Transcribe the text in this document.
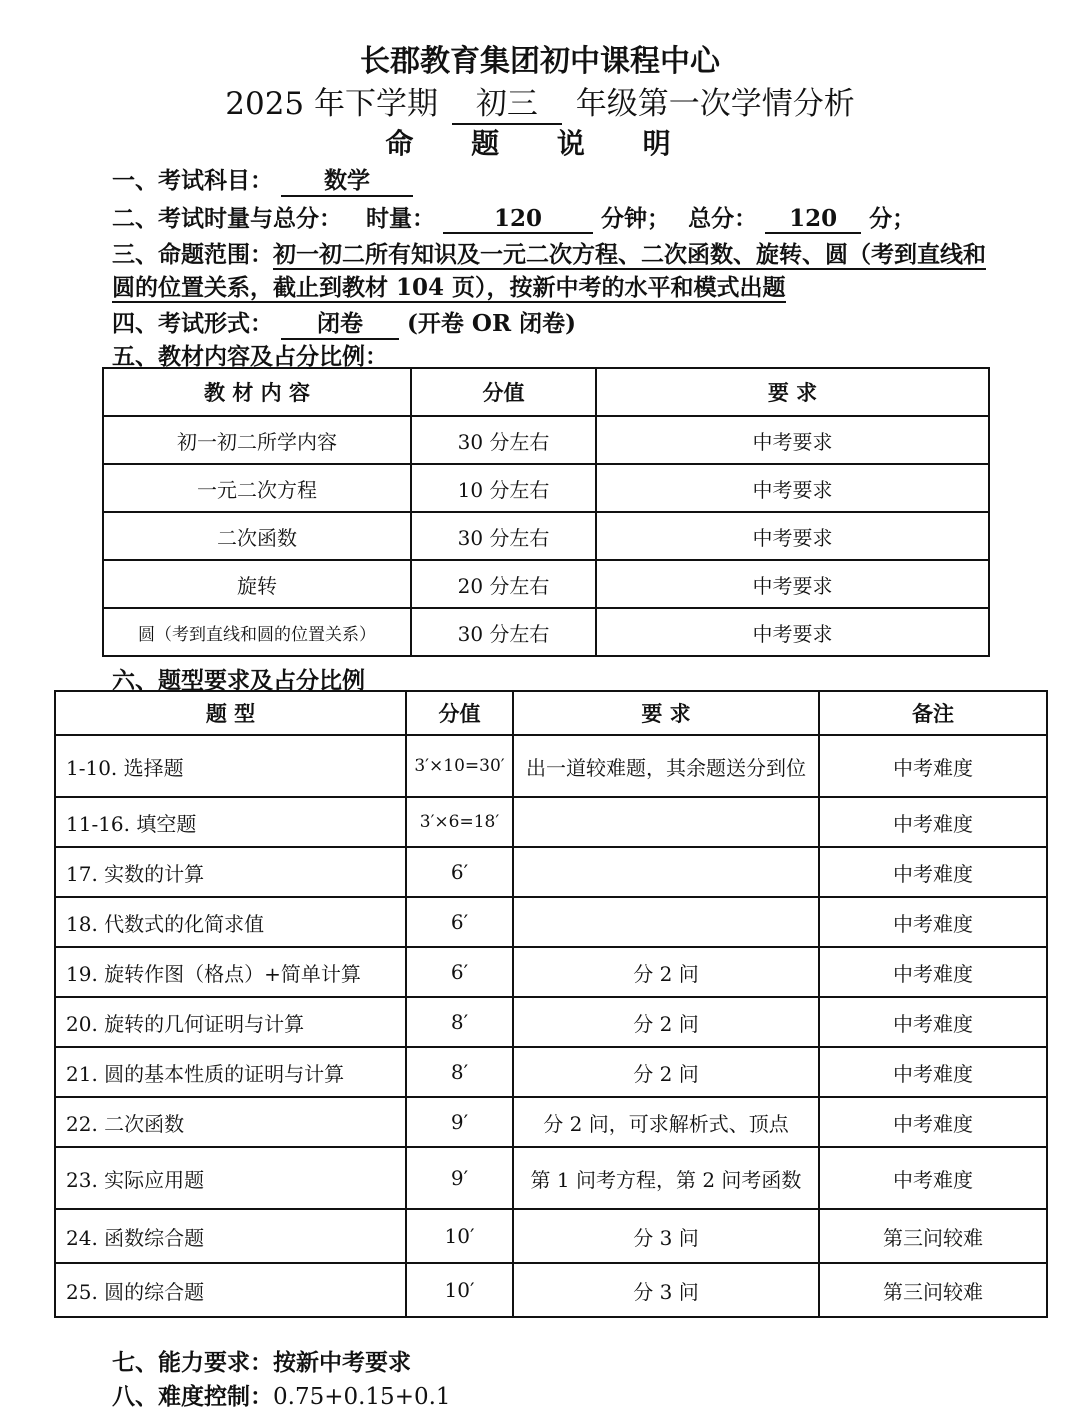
长郡教育集团初中课程中心
2025 年下学期 初三 年级第一次学情分析
命 题 说 明
一、考试科目： 数学
二、考试时量与总分： 时量：	120	分钟； 总分： 120 分；
三、命题范围：初一初二所有知识及一元二次方程、二次函数、旋转、圆（考到直线和圆的位置关系，截止到教材 104 页），按新中考的水平和模式出题
四、考试形式： 闭卷 (开卷 OR 闭卷)
五、教材内容及占分比例：
教 材 内 容	分值	要 求
初一初二所学内容	30 分左右	中考要求
一元二次方程	10 分左右	中考要求
二次函数	30 分左右	中考要求
旋转	20 分左右	中考要求
圆（考到直线和圆的位置关系）	30 分左右	中考要求
六、题型要求及占分比例
题 型	分值	要 求	备注
1-10. 选择题	3′×10=30′	出一道较难题，其余题送分到位	中考难度
11-16. 填空题	3′×6=18′		中考难度
17. 实数的计算	6′		中考难度
18. 代数式的化简求值	6′		中考难度
19. 旋转作图（格点）+简单计算	6′	分 2 问	中考难度
20. 旋转的几何证明与计算	8′	分 2 问	中考难度
21. 圆的基本性质的证明与计算	8′	分 2 问	中考难度
22. 二次函数	9′	分 2 问，可求解析式、顶点	中考难度
23. 实际应用题	9′	第 1 问考方程，第 2 问考函数	中考难度
24. 函数综合题	10′	分 3 问	第三问较难
25. 圆的综合题	10′	分 3 问	第三问较难
七、能力要求：按新中考要求
八、难度控制：0.75+0.15+0.1
